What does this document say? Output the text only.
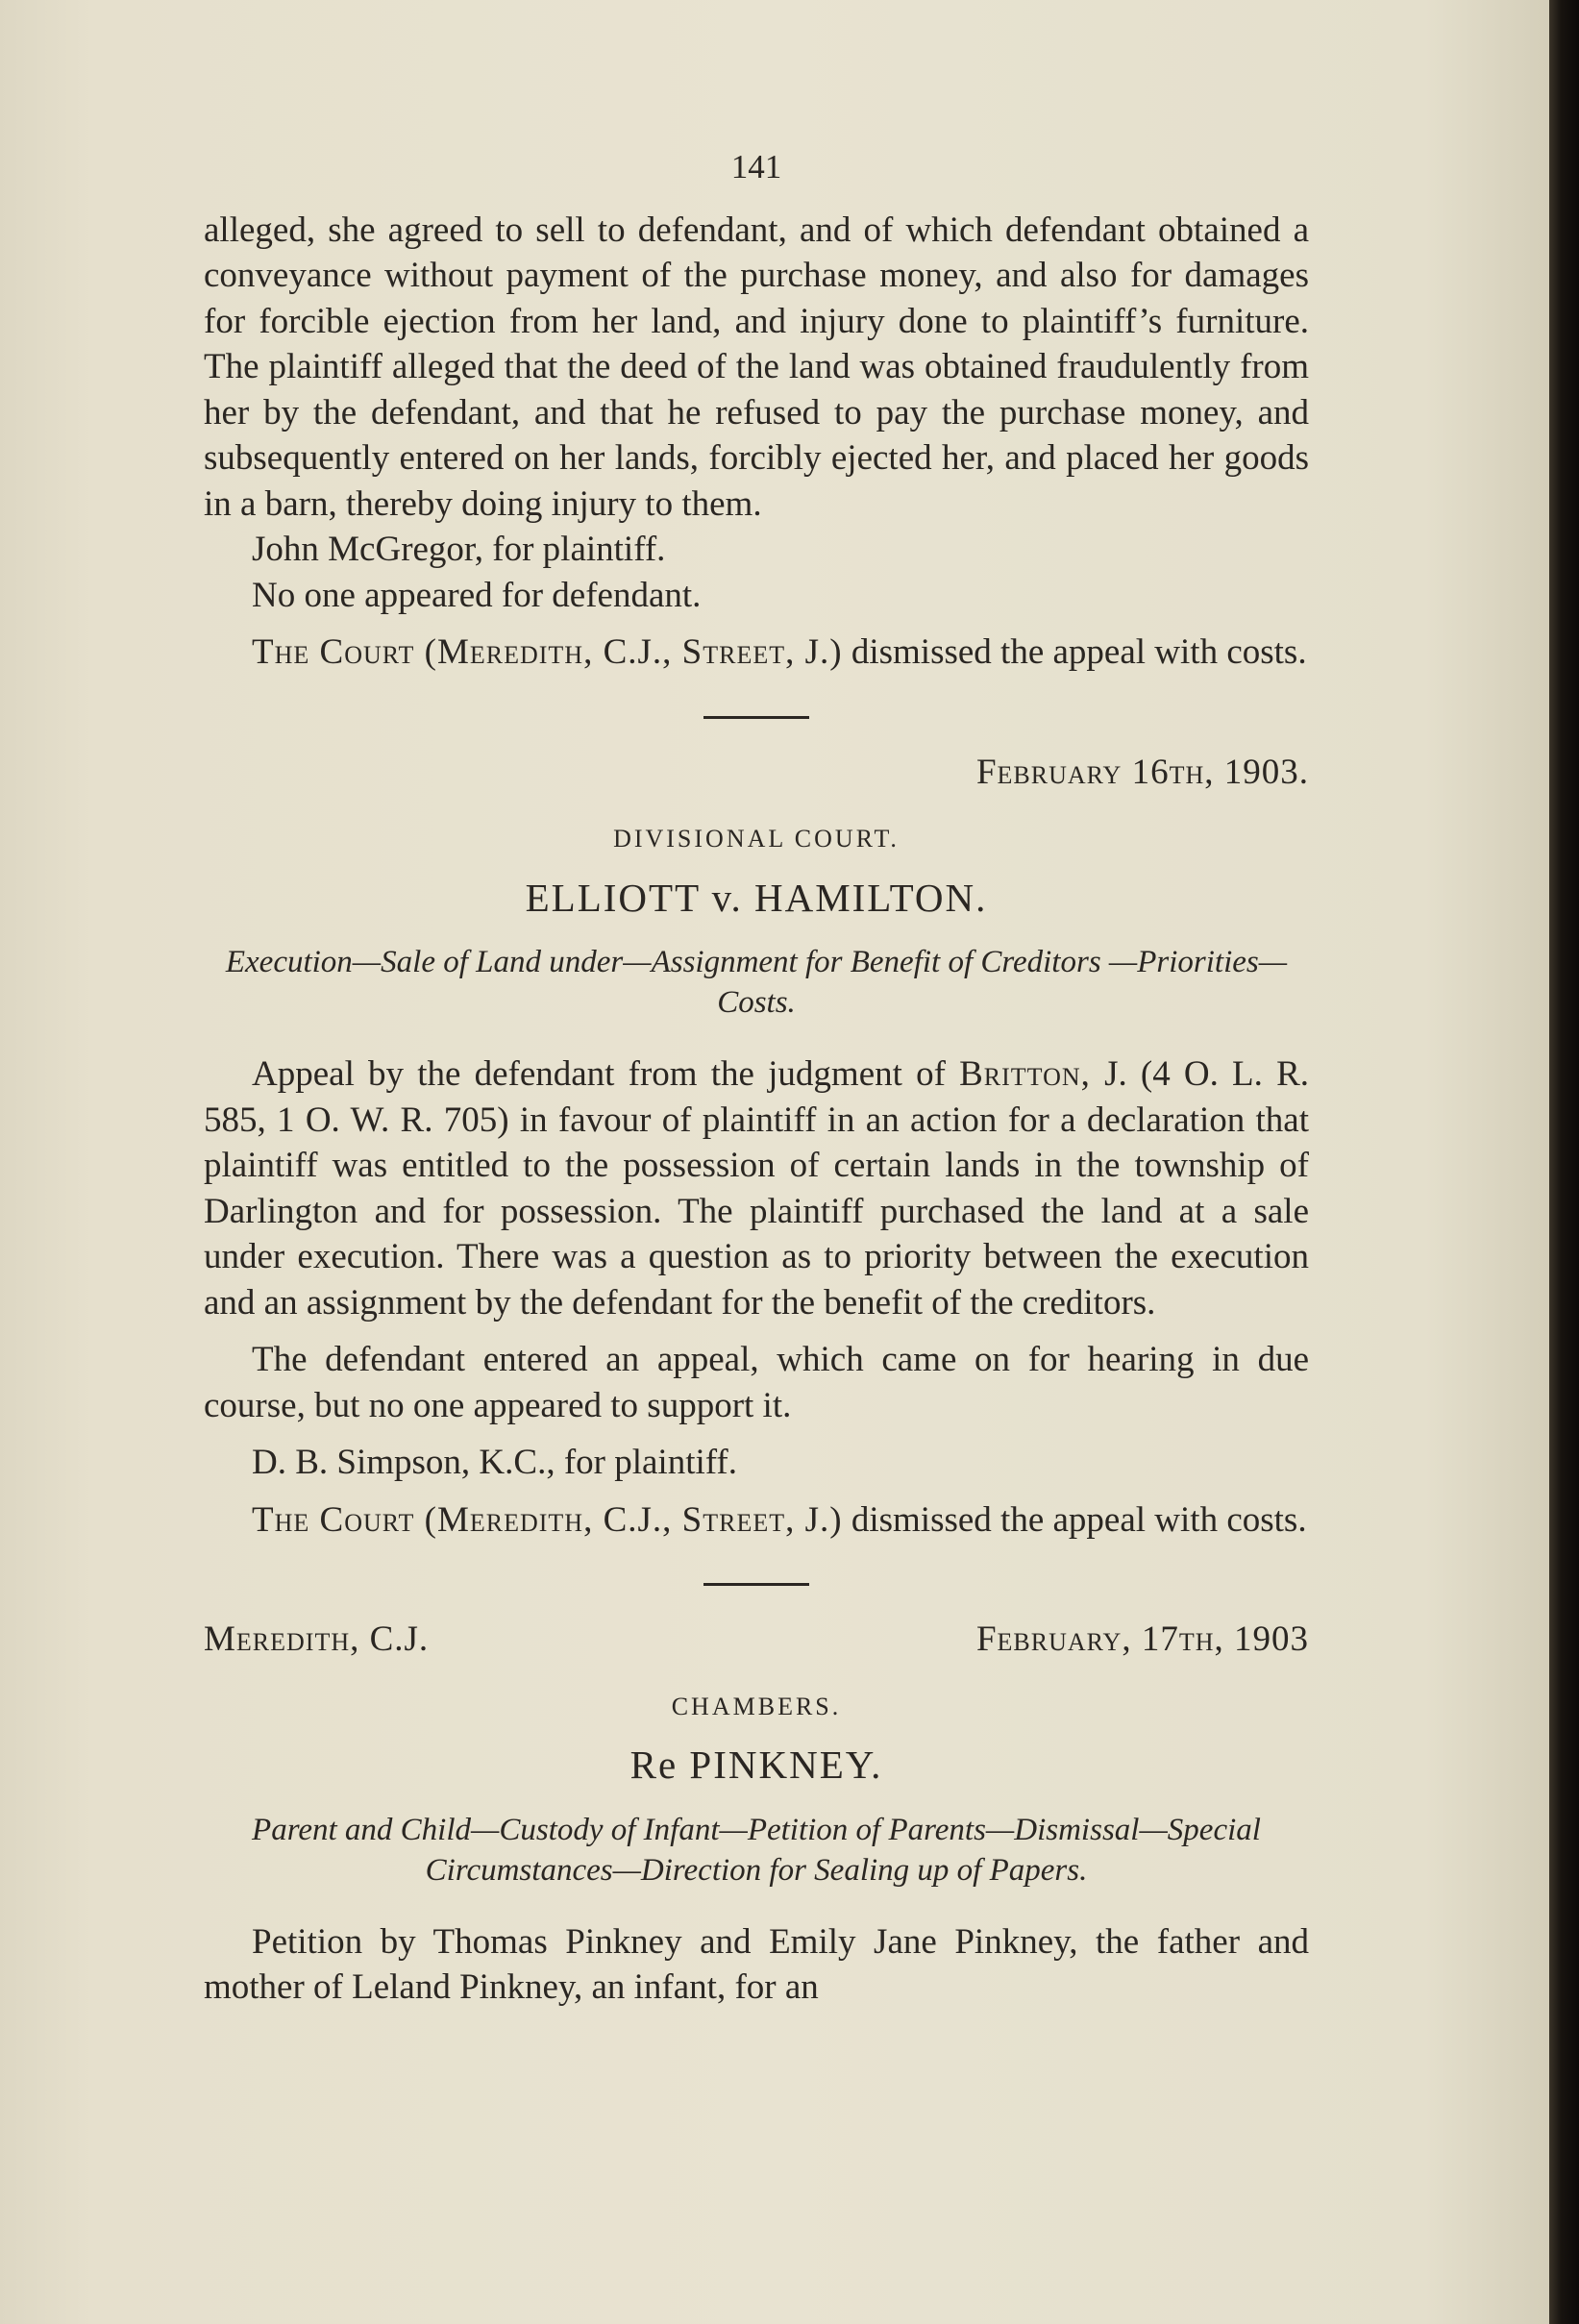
141

alleged, she agreed to sell to defendant, and of which defendant obtained a conveyance without payment of the purchase money, and also for damages for forcible ejection from her land, and injury done to plaintiff’s furniture. The plaintiff alleged that the deed of the land was obtained fraudulently from her by the defendant, and that he refused to pay the purchase money, and subsequently entered on her lands, forcibly ejected her, and placed her goods in a barn, thereby doing injury to them.

John McGregor, for plaintiff.

No one appeared for defendant.

The Court (Meredith, C.J., Street, J.) dismissed the appeal with costs.

February 16th, 1903.
DIVISIONAL COURT.
ELLIOTT v. HAMILTON.
Execution—Sale of Land under—Assignment for Benefit of Creditors —Priorities—Costs.

Appeal by the defendant from the judgment of Britton, J. (4 O. L. R. 585, 1 O. W. R. 705) in favour of plaintiff in an action for a declaration that plaintiff was entitled to the possession of certain lands in the township of Darlington and for possession. The plaintiff purchased the land at a sale under execution. There was a question as to priority between the execution and an assignment by the defendant for the benefit of the creditors.

The defendant entered an appeal, which came on for hearing in due course, but no one appeared to support it.

D. B. Simpson, K.C., for plaintiff.

The Court (Meredith, C.J., Street, J.) dismissed the appeal with costs.

Meredith, C.J.	February, 17th, 1903
CHAMBERS.
Re PINKNEY.
Parent and Child—Custody of Infant—Petition of Parents—Dismissal—Special Circumstances—Direction for Sealing up of Papers.

Petition by Thomas Pinkney and Emily Jane Pinkney, the father and mother of Leland Pinkney, an infant, for an
